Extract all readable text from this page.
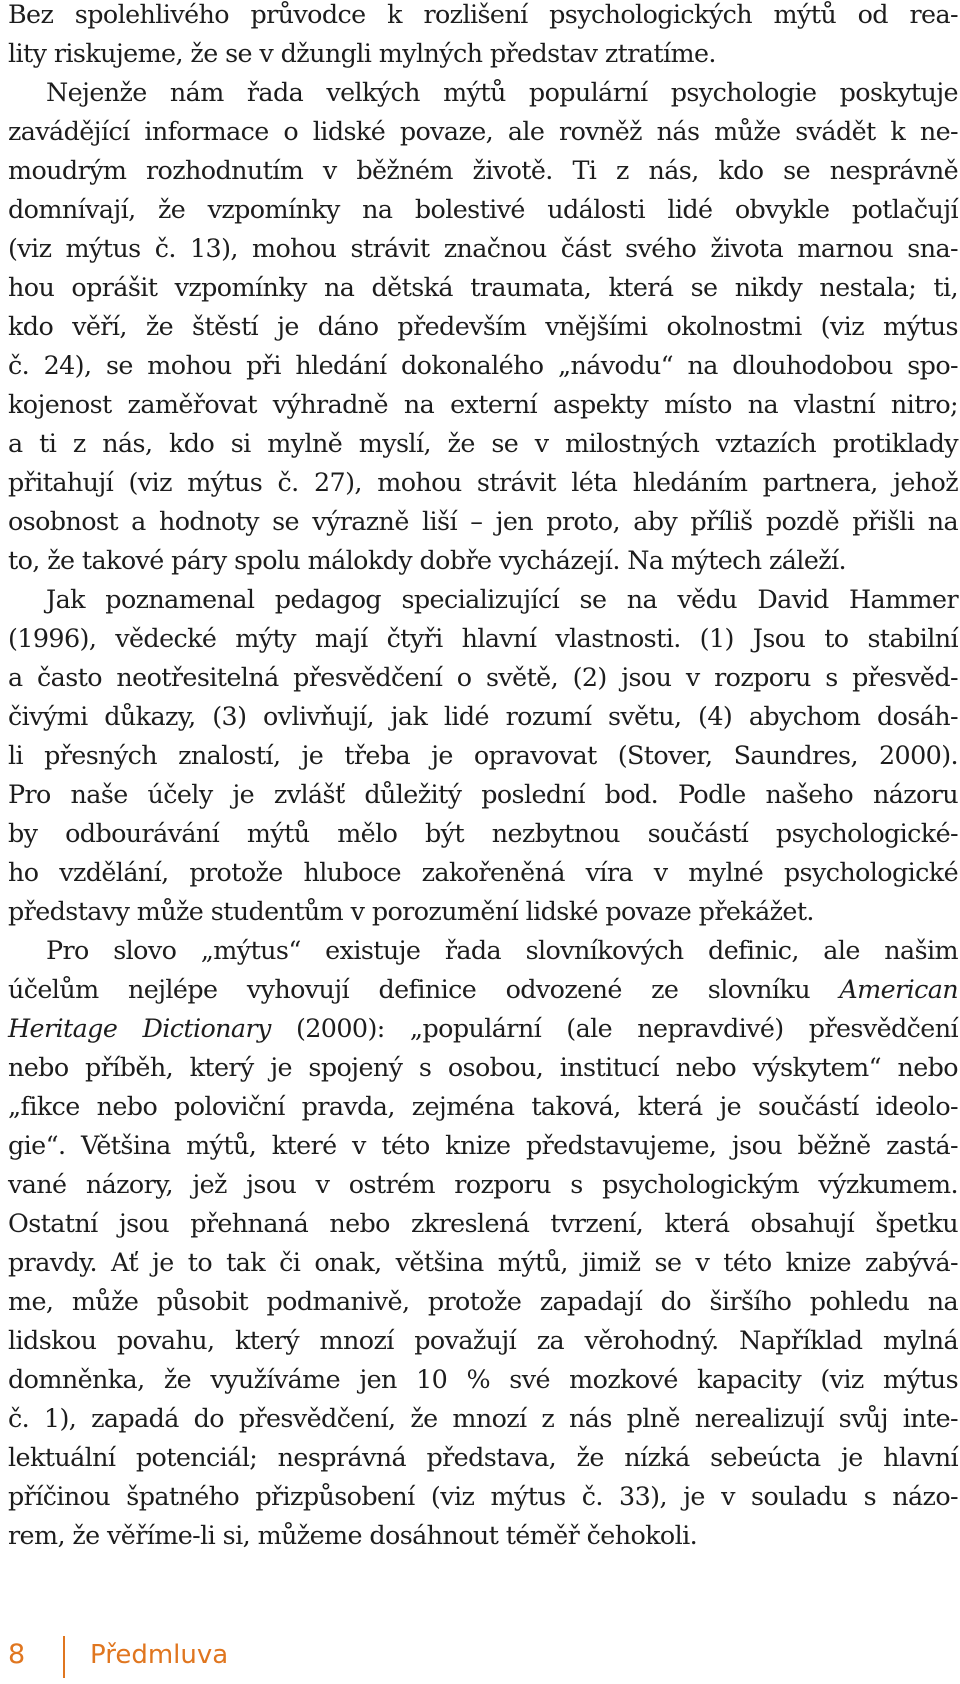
Bez spolehlivého průvodce k rozlišení psychologických mýtů od rea-
lity riskujeme, že se v džungli mylných představ ztratíme.
Nejenže nám řada velkých mýtů populární psychologie poskytuje
zavádějící informace o lidské povaze, ale rovněž nás může svádět k ne-
moudrým rozhodnutím v běžném životě. Ti z nás, kdo se nesprávně
domnívají, že vzpomínky na bolestivé události lidé obvykle potlačují
(viz mýtus č. 13), mohou strávit značnou část svého života marnou sna-
hou oprášit vzpomínky na dětská traumata, která se nikdy nestala; ti,
kdo věří, že štěstí je dáno především vnějšími okolnostmi (viz mýtus
č. 24), se mohou při hledání dokonalého „návodu“ na dlouhodobou spo-
kojenost zaměřovat výhradně na externí aspekty místo na vlastní nitro;
a ti z nás, kdo si mylně myslí, že se v milostných vztazích protiklady
přitahují (viz mýtus č. 27), mohou strávit léta hledáním partnera, jehož
osobnost a hodnoty se výrazně liší – jen proto, aby příliš pozdě přišli na
to, že takové páry spolu málokdy dobře vycházejí. Na mýtech záleží.
Jak poznamenal pedagog specializující se na vědu David Hammer
(1996), vědecké mýty mají čtyři hlavní vlastnosti. (1) Jsou to stabilní
a často neotřesitelná přesvědčení o světě, (2) jsou v rozporu s přesvěd-
čivými důkazy, (3) ovlivňují, jak lidé rozumí světu, (4) abychom dosáh-
li přesných znalostí, je třeba je opravovat (Stover, Saundres, 2000).
Pro naše účely je zvlášť důležitý poslední bod. Podle našeho názoru
by odbourávání mýtů mělo být nezbytnou součástí psychologické-
ho vzdělání, protože hluboce zakořeněná víra v mylné psychologické
představy může studentům v porozumění lidské povaze překážet.
Pro slovo „mýtus“ existuje řada slovníkových definic, ale našim
účelům nejlépe vyhovují definice odvozené ze slovníku American
Heritage Dictionary (2000): „populární (ale nepravdivé) přesvědčení
nebo příběh, který je spojený s osobou, institucí nebo výskytem“ nebo
„fikce nebo poloviční pravda, zejména taková, která je součástí ideolo-
gie“. Většina mýtů, které v této knize představujeme, jsou běžně zastá-
vané názory, jež jsou v ostrém rozporu s psychologickým výzkumem.
Ostatní jsou přehnaná nebo zkreslená tvrzení, která obsahují špetku
pravdy. Ať je to tak či onak, většina mýtů, jimiž se v této knize zabývá-
me, může působit podmanivě, protože zapadají do širšího pohledu na
lidskou povahu, který mnozí považují za věrohodný. Například mylná
domněnka, že využíváme jen 10 % své mozkové kapacity (viz mýtus
č. 1), zapadá do přesvědčení, že mnozí z nás plně nerealizují svůj inte-
lektuální potenciál; nesprávná představa, že nízká sebeúcta je hlavní
příčinou špatného přizpůsobení (viz mýtus č. 33), je v souladu s názo-
rem, že věříme-li si, můžeme dosáhnout téměř čehokoli.
8 Předmluva
